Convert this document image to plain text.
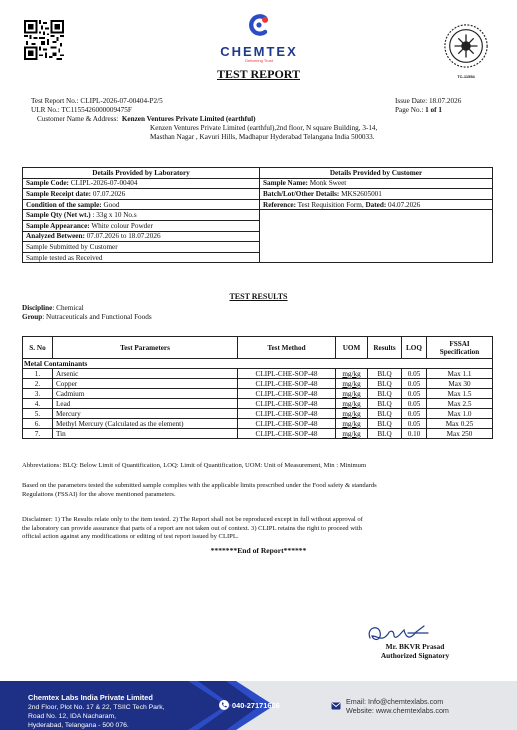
CHEMTEX
Delivering Trust
TC-11554
TEST REPORT
Test Report No.: CLIPL-2026-07-00404-P2/5
ULR No.: TC1155426000009475F
Customer Name & Address: Kenzen Ventures Private Limited (earthful)
Kenzen Ventures Private Limited (earthful),2nd floor, N square Building, 3-14,
Masthan Nagar , Kavuri Hills, Madhapur Hyderabad Telangana India 500033.
Issue Date: 18.07.2026
Page No.: 1 of 1
Details Provided by Laboratory	Details Provided by Customer
Sample Code: CLIPL-2026-07-00404	Sample Name: Monk Sweet
Sample Receipt date: 07.07.2026	Batch/Lot/Other Details: MKS2605001
Condition of the sample: Good	Reference: Test Requisition Form, Dated: 04.07.2026
Sample Qty (Net wt.) : 33g x 10 No.s	
Sample Appearance: White colour Powder	
Analyzed Between: 07.07.2026 to 18.07.2026	
Sample Submitted by Customer	
Sample tested as Received	
TEST RESULTS
Discipline: Chemical
Group: Nutraceuticals and Functional Foods
S. No	Test Parameters	Test Method	UOM	Results	LOQ	FSSAI Specification
Metal Contaminants						
1.	Arsenic	CLIPL-CHE-SOP-48	mg/kg	BLQ	0.05	Max 1.1
2.	Copper	CLIPL-CHE-SOP-48	mg/kg	BLQ	0.05	Max 30
3.	Cadmium	CLIPL-CHE-SOP-48	mg/kg	BLQ	0.05	Max 1.5
4.	Lead	CLIPL-CHE-SOP-48	mg/kg	BLQ	0.05	Max 2.5
5.	Mercury	CLIPL-CHE-SOP-48	mg/kg	BLQ	0.05	Max 1.0
6.	Methyl Mercury (Calculated as the element)	CLIPL-CHE-SOP-48	mg/kg	BLQ	0.05	Max 0.25
7.	Tin	CLIPL-CHE-SOP-48	mg/kg	BLQ	0.10	Max 250
Abbreviations: BLQ: Below Limit of Quantification, LOQ: Limit of Quantification, UOM: Unit of Measurement, Min : Minimum
Based on the parameters tested the submitted sample complies with the applicable limits prescribed under the Food safety & standards
Regulations (FSSAI) for the above mentioned parameters.
Disclaimer: 1) The Results relate only to the item tested. 2) The Report shall not be reproduced except in full without approval of
the laboratory can provide assurance that parts of a report are not taken out of context. 3) CLIPL retains the right to proceed with
official action against any modifications or editing of test report issued by CLIPL.
*******End of Report******
Mr. BKVR Prasad
Authorized Signatory
Chemtex Labs India Private Limited
2nd Floor, Plot No. 17 & 22, TSIIC Tech Park,
Road No. 12, IDA Nacharam,
Hyderabad, Telangana - 500 076.
040-27171666	Email: Info@chemtexlabs.com
Website: www.chemtexlabs.com
